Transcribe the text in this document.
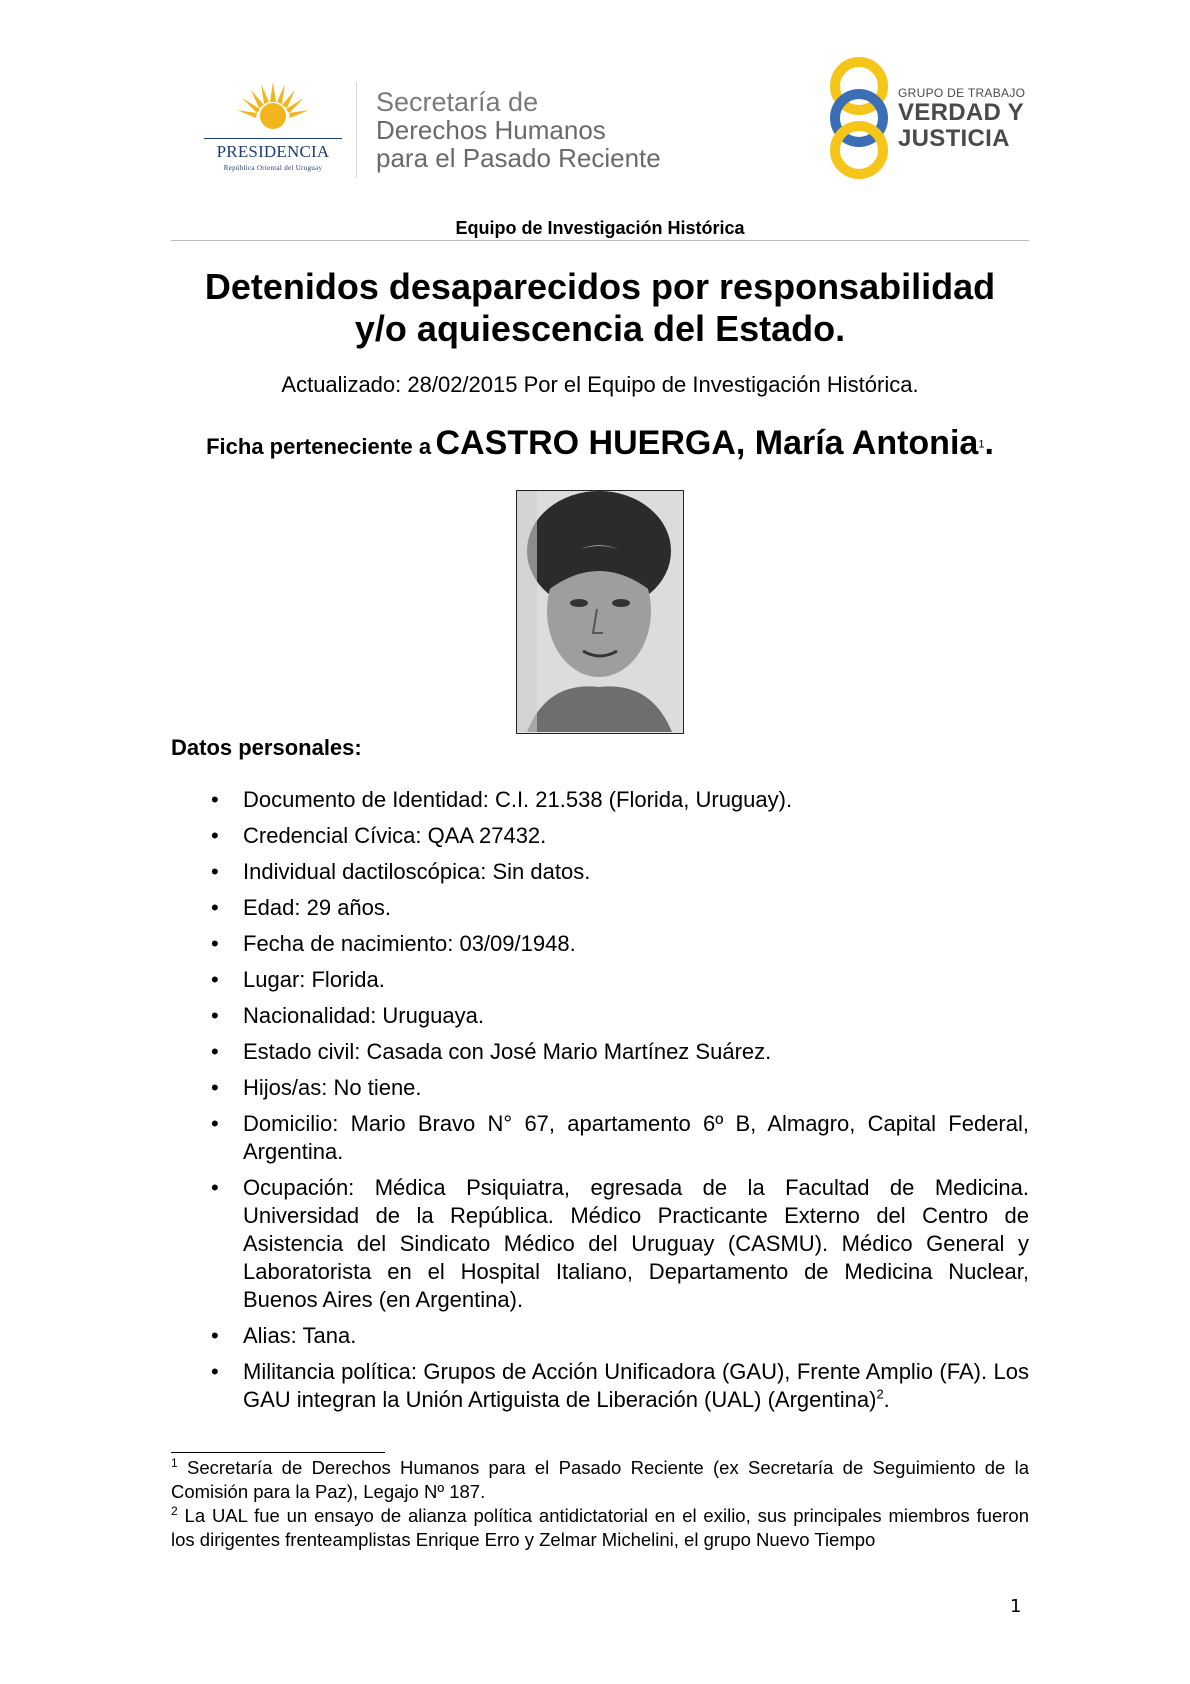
PRESIDENCIA
República Oriental del Uruguay
Secretaría de
Derechos Humanos
para el Pasado Reciente
GRUPO DE TRABAJO
VERDAD Y
JUSTICIA
Equipo de Investigación Histórica
Detenidos desaparecidos por responsabilidad
y/o aquiescencia del Estado.
Actualizado: 28/02/2015 Por el Equipo de Investigación Histórica.
Ficha perteneciente a CASTRO HUERGA, María Antonia$^1$.
Datos personales:
• Documento de Identidad: C.I. 21.538 (Florida, Uruguay).
• Credencial Cívica: QAA 27432.
• Individual dactiloscópica: Sin datos.
• Edad: 29 años.
• Fecha de nacimiento: 03/09/1948.
• Lugar: Florida.
• Nacionalidad: Uruguaya.
• Estado civil: Casada con José Mario Martínez Suárez.
• Hijos/as: No tiene.
• Domicilio: Mario Bravo N° 67, apartamento 6º B, Almagro, Capital Federal, Argentina.
• Ocupación: Médica Psiquiatra, egresada de la Facultad de Medicina. Universidad de la República. Médico Practicante Externo del Centro de Asistencia del Sindicato Médico del Uruguay (CASMU). Médico General y Laboratorista en el Hospital Italiano, Departamento de Medicina Nuclear, Buenos Aires (en Argentina).
• Alias: Tana.
• Militancia política: Grupos de Acción Unificadora (GAU), Frente Amplio (FA). Los GAU integran la Unión Artiguista de Liberación (UAL) (Argentina)$^2$.
$^1$ Secretaría de Derechos Humanos para el Pasado Reciente (ex Secretaría de Seguimiento de la Comisión para la Paz), Legajo Nº 187.
$^2$ La UAL fue un ensayo de alianza política antidictatorial en el exilio, sus principales miembros fueron los dirigentes frenteamplistas Enrique Erro y Zelmar Michelini, el grupo Nuevo Tiempo
1
